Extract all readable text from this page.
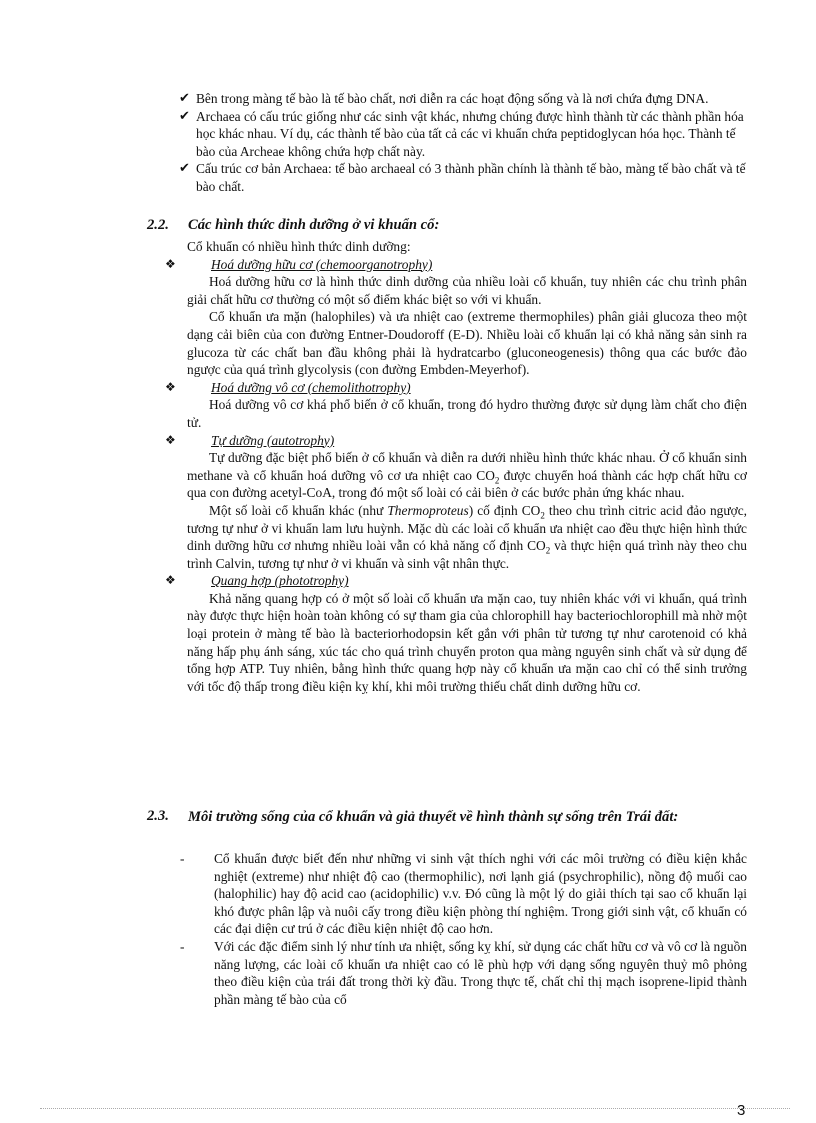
✔ Bên trong màng tế bào là tế bào chất, nơi diễn ra các hoạt động sống và là nơi chứa đựng DNA.
✔ Archaea có cấu trúc giống như các sinh vật khác, nhưng chúng được hình thành từ các thành phần hóa học khác nhau. Ví dụ, các thành tế bào của tất cả các vi khuẩn chứa peptidoglycan hóa học. Thành tế bào của Archeae không chứa hợp chất này.
✔ Cấu trúc cơ bản Archaea: tế bào archaeal có 3 thành phần chính là thành tế bào, màng tế bào chất và tế bào chất.
2.2. Các hình thức dinh dưỡng ở vi khuẩn cổ:
Cổ khuẩn có nhiều hình thức dinh dưỡng:
❖	Hoá dưỡng hữu cơ (chemoorganotrophy)
Hoá dưỡng hữu cơ là hình thức dinh dưỡng của nhiều loài cổ khuẩn, tuy nhiên các chu trình phân giải chất hữu cơ thường có một số điểm khác biệt so với vi khuẩn.
Cổ khuẩn ưa mặn (halophiles) và ưa nhiệt cao (extreme thermophiles) phân giải glucoza theo một dạng cải biên của con đường Entner-Doudoroff (E-D). Nhiều loài cổ khuẩn lại có khả năng sản sinh ra glucoza từ các chất ban đầu không phải là hydratcarbo (gluconeogenesis) thông qua các bước đảo ngược của quá trình glycolysis (con đường Embden-Meyerhof).
❖	Hoá dưỡng vô cơ (chemolithotrophy)
Hoá dưỡng vô cơ khá phổ biến ở cổ khuẩn, trong đó hydro thường được sử dụng làm chất cho điện tử.
❖	Tự dưỡng (autotrophy)
Tự dưỡng đặc biệt phổ biến ở cổ khuẩn và diễn ra dưới nhiều hình thức khác nhau. Ở cổ khuẩn sinh methane và cổ khuẩn hoá dưỡng vô cơ ưa nhiệt cao $CO_2$ được chuyển hoá thành các hợp chất hữu cơ qua con đường acetyl-CoA, trong đó một số loài có cải biên ở các bước phản ứng khác nhau.
Một số loài cổ khuẩn khác (như Thermoproteus) cố định $CO_2$ theo chu trình citric acid đảo ngược, tương tự như ở vi khuẩn lam lưu huỳnh. Mặc dù các loài cổ khuẩn ưa nhiệt cao đều thực hiện hình thức dinh dưỡng hữu cơ nhưng nhiều loài vẫn có khả năng cố định $CO_2$ và thực hiện quá trình này theo chu trình Calvin, tương tự như ở vi khuẩn và sinh vật nhân thực.
❖	Quang hợp (phototrophy)
Khả năng quang hợp có ở một số loài cổ khuẩn ưa mặn cao, tuy nhiên khác với vi khuẩn, quá trình này được thực hiện hoàn toàn không có sự tham gia của chlorophill hay bacteriochlorophill mà nhờ một loại protein ở màng tế bào là bacteriorhodopsin kết gắn với phân tử tương tự như carotenoid có khả năng hấp phụ ánh sáng, xúc tác cho quá trình chuyển proton qua màng nguyên sinh chất và sử dụng để tổng hợp ATP. Tuy nhiên, bằng hình thức quang hợp này cổ khuẩn ưa mặn cao chỉ có thể sinh trưởng với tốc độ thấp trong điều kiện kỵ khí, khi môi trường thiếu chất dinh dưỡng hữu cơ.
2.3. Môi trường sống của cổ khuẩn và giả thuyết về hình thành sự sống trên Trái đất:
- Cổ khuẩn được biết đến như những vi sinh vật thích nghi với các môi trường có điều kiện khắc nghiệt (extreme) như nhiệt độ cao (thermophilic), nơi lạnh giá (psychrophilic), nồng độ muối cao (halophilic) hay độ acid cao (acidophilic) v.v. Đó cũng là một lý do giải thích tại sao cổ khuẩn lại khó được phân lập và nuôi cấy trong điều kiện phòng thí nghiệm. Trong giới sinh vật, cổ khuẩn có các đại diện cư trú ở các điều kiện nhiệt độ cao hơn.
- Với các đặc điểm sinh lý như tính ưa nhiệt, sống kỵ khí, sử dụng các chất hữu cơ và vô cơ là nguồn năng lượng, các loài cổ khuẩn ưa nhiệt cao có lẽ phù hợp với dạng sống nguyên thuỷ mô phỏng theo điều kiện của trái đất trong thời kỳ đầu. Trong thực tế, chất chỉ thị mạch isoprene-lipid thành phần màng tế bào của cổ
3
